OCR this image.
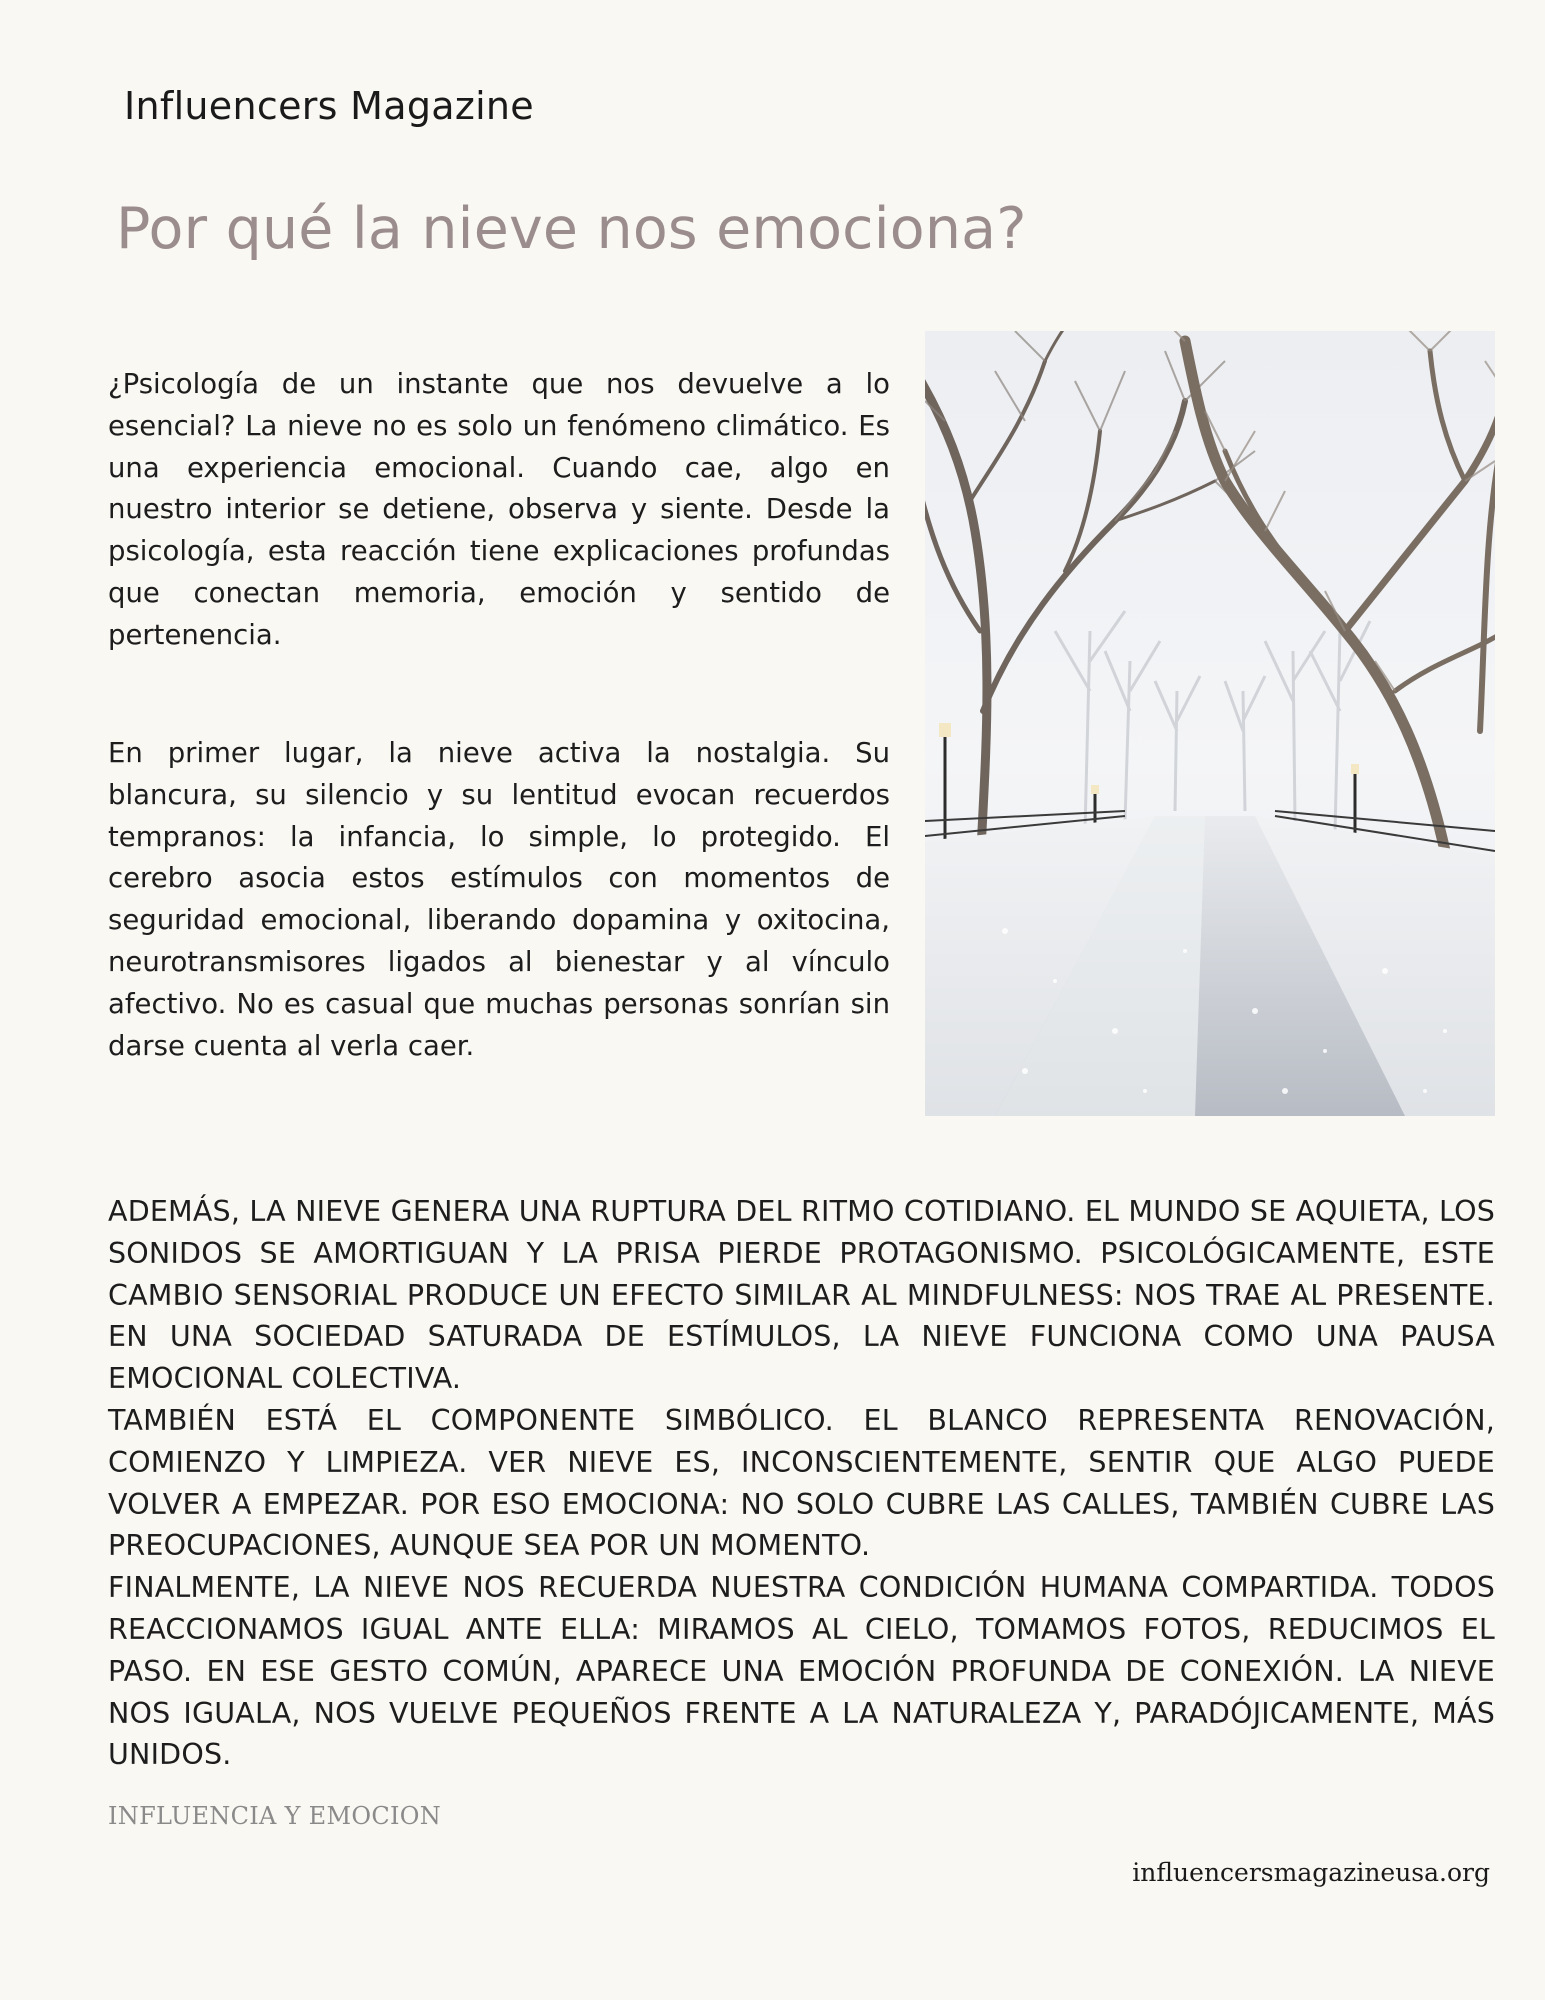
Influencers Magazine
Por qué la nieve nos emociona?

¿Psicología de un instante que nos devuelve a lo esencial? La nieve no es solo un fenómeno climático. Es una experiencia emocional. Cuando cae, algo en nuestro interior se detiene, observa y siente. Desde la psicología, esta reacción tiene explicaciones profundas que conectan memoria, emoción y sentido de pertenencia.

En primer lugar, la nieve activa la nostalgia. Su blancura, su silencio y su lentitud evocan recuerdos tempranos: la infancia, lo simple, lo protegido. El cerebro asocia estos estímulos con momentos de seguridad emocional, liberando dopamina y oxitocina, neurotransmisores ligados al bienestar y al vínculo afectivo. No es casual que muchas personas sonrían sin darse cuenta al verla caer.

ADEMÁS, LA NIEVE GENERA UNA RUPTURA DEL RITMO COTIDIANO. EL MUNDO SE AQUIETA, LOS SONIDOS SE AMORTIGUAN Y LA PRISA PIERDE PROTAGONISMO. PSICOLÓGICAMENTE, ESTE CAMBIO SENSORIAL PRODUCE UN EFECTO SIMILAR AL MINDFULNESS: NOS TRAE AL PRESENTE. EN UNA SOCIEDAD SATURADA DE ESTÍMULOS, LA NIEVE FUNCIONA COMO UNA PAUSA EMOCIONAL COLECTIVA.

TAMBIÉN ESTÁ EL COMPONENTE SIMBÓLICO. EL BLANCO REPRESENTA RENOVACIÓN, COMIENZO Y LIMPIEZA. VER NIEVE ES, INCONSCIENTEMENTE, SENTIR QUE ALGO PUEDE VOLVER A EMPEZAR. POR ESO EMOCIONA: NO SOLO CUBRE LAS CALLES, TAMBIÉN CUBRE LAS PREOCUPACIONES, AUNQUE SEA POR UN MOMENTO.

FINALMENTE, LA NIEVE NOS RECUERDA NUESTRA CONDICIÓN HUMANA COMPARTIDA. TODOS REACCIONAMOS IGUAL ANTE ELLA: MIRAMOS AL CIELO, TOMAMOS FOTOS, REDUCIMOS EL PASO. EN ESE GESTO COMÚN, APARECE UNA EMOCIÓN PROFUNDA DE CONEXIÓN. LA NIEVE NOS IGUALA, NOS VUELVE PEQUEÑOS FRENTE A LA NATURALEZA Y, PARADÓJICAMENTE, MÁS UNIDOS.

INFLUENCIA Y EMOCION
influencersmagazineusa.org
